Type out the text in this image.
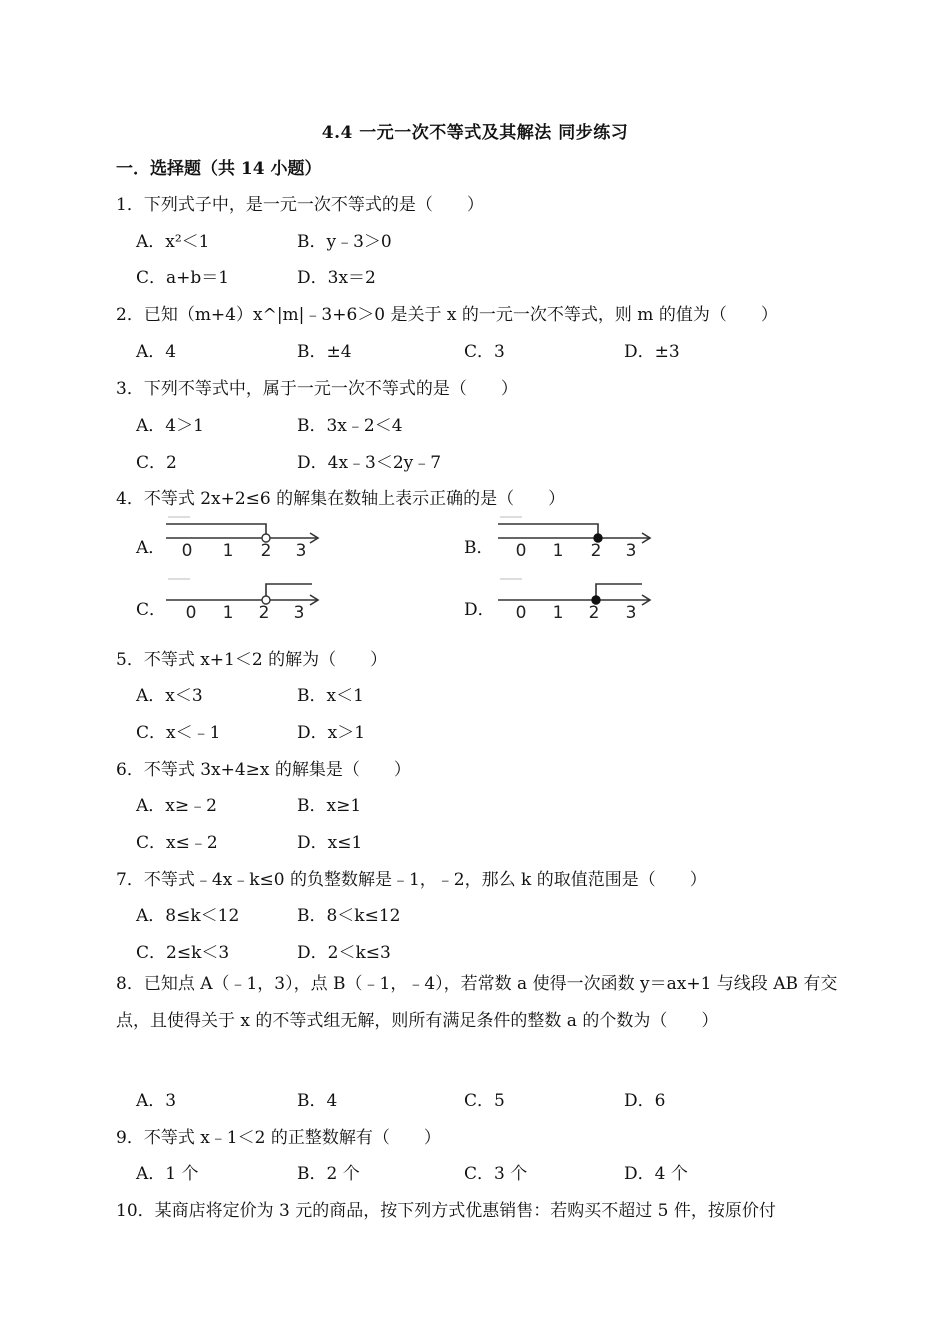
4.4 一元一次不等式及其解法 同步练习
一．选择题（共 14 小题）
1．下列式子中，是一元一次不等式的是（　　）
A．x²＜1	B．y﹣3＞0
C．a+b＝1	D．3x＝2
2．已知（m+4）x^|m|﹣3+6＞0 是关于 x 的一元一次不等式，则 m 的值为（　　）
A．4	B．±4	C．3	D．±3
3．下列不等式中，属于一元一次不等式的是（　　）
A．4＞1	B．3x﹣2＜4
C．2	D．4x﹣3＜2y﹣7
4．不等式 2x+2≤6 的解集在数轴上表示正确的是（　　）
A． 0 1 2 3	B． 0 1 2 3
C． 0 1 2 3	D． 0 1 2 3
5．不等式 x+1＜2 的解为（　　）
A．x＜3	B．x＜1
C．x＜﹣1	D．x＞1
6．不等式 3x+4≥x 的解集是（　　）
A．x≥﹣2	B．x≥1
C．x≤﹣2	D．x≤1
7．不等式﹣4x﹣k≤0 的负整数解是﹣1，﹣2，那么 k 的取值范围是（　　）
A．8≤k＜12	B．8＜k≤12
C．2≤k＜3	D．2＜k≤3
8．已知点 A（﹣1，3），点 B（﹣1，﹣4），若常数 a 使得一次函数 y＝ax+1 与线段 AB 有交点，且使得关于 x 的不等式组无解，则所有满足条件的整数 a 的个数为（　　）
A．3	B．4	C．5	D．6
9．不等式 x﹣1＜2 的正整数解有（　　）
A．1 个	B．2 个	C．3 个	D．4 个
10．某商店将定价为 3 元的商品，按下列方式优惠销售：若购买不超过 5 件，按原价付
